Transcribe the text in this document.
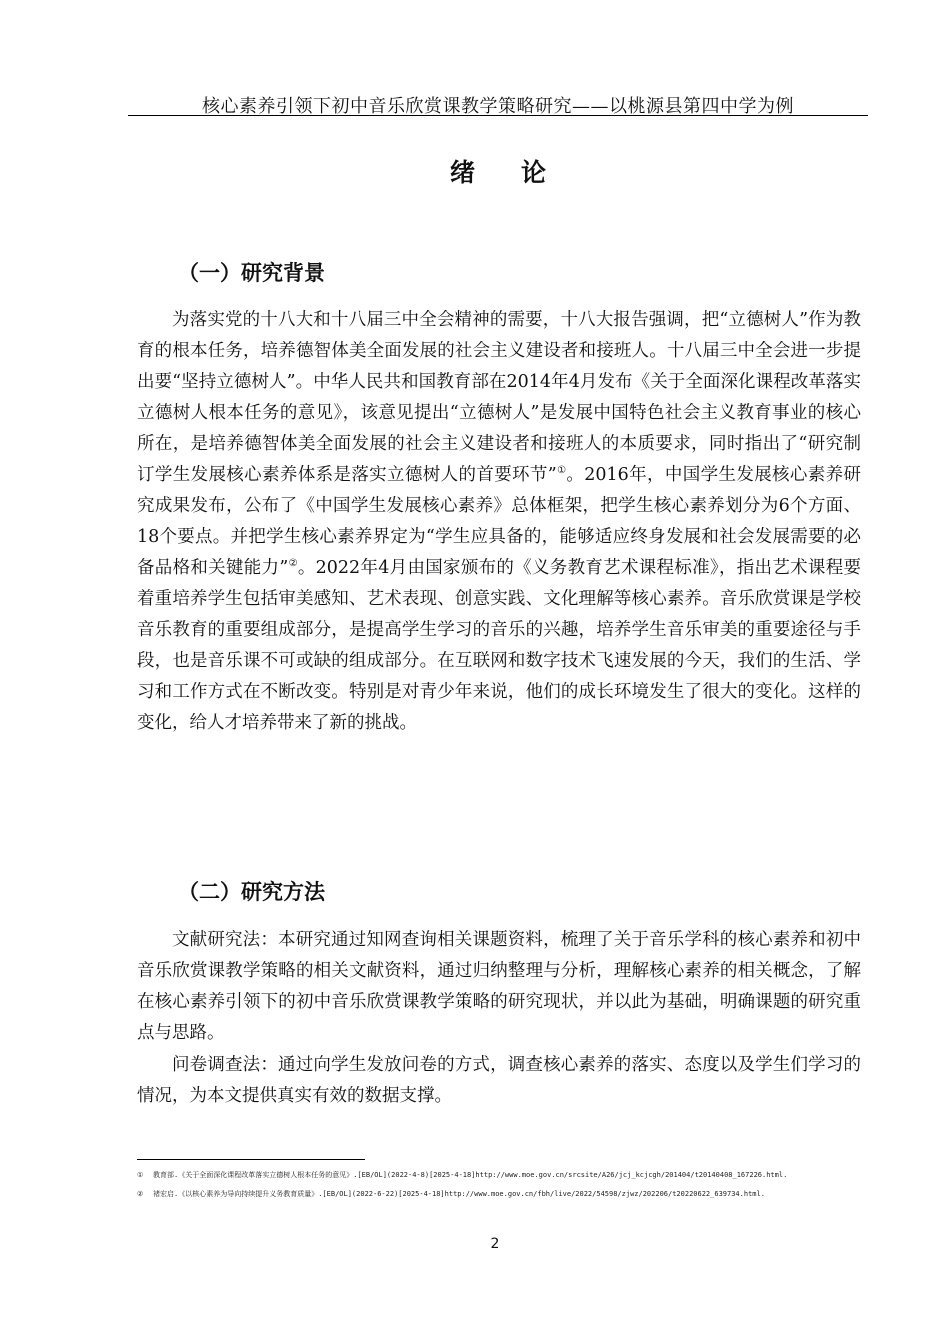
核心素养引领下初中音乐欣赏课教学策略研究——以桃源县第四中学为例
绪论
（一）研究背景

为落实党的十八大和十八届三中全会精神的需要，十八大报告强调，把“立德树人”作为教育的根本任务，培养德智体美全面发展的社会主义建设者和接班人。十八届三中全会进一步提出要“坚持立德树人”。中华人民共和国教育部在2014年4月发布《关于全面深化课程改革落实立德树人根本任务的意见》，该意见提出“立德树人”是发展中国特色社会主义教育事业的核心所在，是培养德智体美全面发展的社会主义建设者和接班人的本质要求，同时指出了“研究制订学生发展核心素养体系是落实立德树人的首要环节”①。2016年，中国学生发展核心素养研究成果发布，公布了《中国学生发展核心素养》总体框架，把学生核心素养划分为6个方面、18个要点。并把学生核心素养界定为“学生应具备的，能够适应终身发展和社会发展需要的必备品格和关键能力”②。2022年4月由国家颁布的《义务教育艺术课程标准》，指出艺术课程要着重培养学生包括审美感知、艺术表现、创意实践、文化理解等核心素养。音乐欣赏课是学校音乐教育的重要组成部分，是提高学生学习的音乐的兴趣，培养学生音乐审美的重要途径与手段，也是音乐课不可或缺的组成部分。在互联网和数字技术飞速发展的今天，我们的生活、学习和工作方式在不断改变。特别是对青少年来说，他们的成长环境发生了很大的变化。这样的变化，给人才培养带来了新的挑战。

（二）研究方法

文献研究法：本研究通过知网查询相关课题资料，梳理了关于音乐学科的核心素养和初中音乐欣赏课教学策略的相关文献资料，通过归纳整理与分析，理解核心素养的相关概念，了解在核心素养引领下的初中音乐欣赏课教学策略的研究现状，并以此为基础，明确课题的研究重点与思路。

问卷调查法：通过向学生发放问卷的方式，调查核心素养的落实、态度以及学生们学习的情况，为本文提供真实有效的数据支撑。

① 教育部.《关于全面深化课程改革落实立德树人根本任务的意见》.[EB/OL](2022-4-8)[2025-4-18]http://www.moe.gov.cn/srcsite/A26/jcj_kcjcgh/201404/t20140408_167226.html.
② 褚宏启.《以核心素养为导向持续提升义务教育质量》.[EB/OL](2022-6-22)[2025-4-18]http://www.moe.gov.cn/fbh/live/2022/54598/zjwz/202206/t20220622_639734.html.
2
